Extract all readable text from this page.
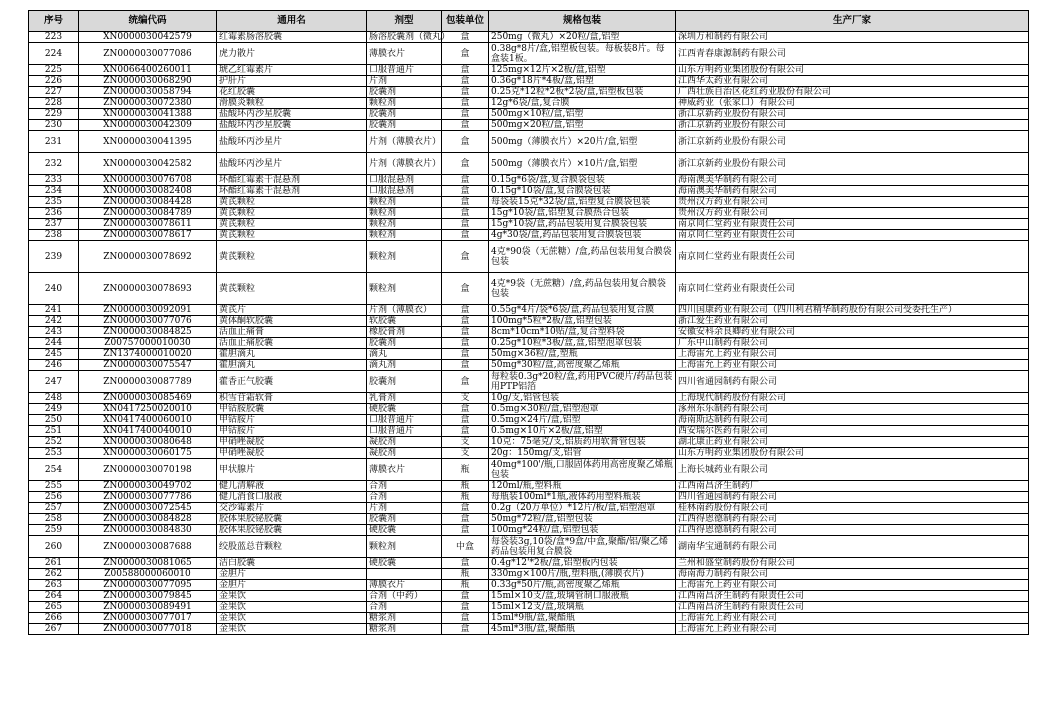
序号	统编代码	通用名	剂型	包装单位	规格包装	生产厂家
223	XN0000030042579	红霉素肠溶胶囊	肠溶胶囊剂（微丸）	盒	250mg（微丸）×20粒/盒,铝塑	深圳万和制药有限公司
224	ZN0000030077086	虎力散片	薄膜衣片	盒	0.38g*8片/盒,铝塑板包装。每板装8片。每盒装1板。	江西青春康源制药有限公司
225	XN0066400260011	琥乙红霉素片	口服普通片	盒	125mg×12片×2板/盒,铝塑	山东方明药业集团股份有限公司
226	ZN0000030068290	护肝片	片剂	盒	0.36g*18片*4板/盒,铝塑	江西华太药业有限公司
227	ZN0000030058794	花红胶囊	胶囊剂	盒	0.25克*12粒*2板*2袋/盒,铝塑板包装	广西壮族自治区花红药业股份有限公司
228	ZN0000030072380	滑膜炎颗粒	颗粒剂	盒	12g*6袋/盒,复合膜	神威药业（张家口）有限公司
229	XN0000030041388	盐酸环丙沙星胶囊	胶囊剂	盒	500mg×10粒/盒,铝塑	浙江京新药业股份有限公司
230	XN0000030042309	盐酸环丙沙星胶囊	胶囊剂	盒	500mg×20粒/盒,铝塑	浙江京新药业股份有限公司
231	XN0000030041395	盐酸环丙沙星片	片剂（薄膜衣片）	盒	500mg（薄膜衣片）×20片/盒,铝塑	浙江京新药业股份有限公司
232	XN0000030042582	盐酸环丙沙星片	片剂（薄膜衣片）	盒	500mg（薄膜衣片）×10片/盒,铝塑	浙江京新药业股份有限公司
233	XN0000030076708	环酯红霉素干混悬剂	口服混悬剂	盒	0.15g*6袋/盒,复合膜袋包装	海南澳美华制药有限公司
234	XN0000030082408	环酯红霉素干混悬剂	口服混悬剂	盒	0.15g*10袋/盒,复合膜袋包装	海南澳美华制药有限公司
235	ZN0000030084428	黄芪颗粒	颗粒剂	盒	每袋装15克*32袋/盒,铝塑复合膜袋包装	贵州汉方药业有限公司
236	ZN0000030084789	黄芪颗粒	颗粒剂	盒	15g*10袋/盒,铝塑复合膜热合包装	贵州汉方药业有限公司
237	ZN0000030078611	黄芪颗粒	颗粒剂	盒	15g*10袋/盒,药品包装用复合膜袋包装	南京同仁堂药业有限责任公司
238	ZN0000030078617	黄芪颗粒	颗粒剂	盒	4g*30袋/盒,药品包装用复合膜袋包装	南京同仁堂药业有限责任公司
239	ZN0000030078692	黄芪颗粒	颗粒剂	盒	4克*90袋（无蔗糖）/盒,药品包装用复合膜袋包装	南京同仁堂药业有限责任公司
240	ZN0000030078693	黄芪颗粒	颗粒剂	盒	4克*9袋（无蔗糖）/盒,药品包装用复合膜袋包装	南京同仁堂药业有限责任公司
241	ZN0000030092091	黄芪片	片剂（薄膜衣）	盒	0.55g*4片/袋*6袋/盒,药品包装用复合膜	四川国康药业有限公司（四川利君精华制药股份有限公司受委托生产）
242	ZN0000030077076	黄体酮软胶囊	软胶囊	盒	100mg*5粒*2板/盒,铝塑包装	浙江爱生药业有限公司
243	ZN0000030084825	活血止痛膏	橡胶膏剂	盒	8cm*10cm*10贴/盒,复合塑料袋	安徽安科余良卿药业有限公司
244	Z00757000010030	活血止痛胶囊	胶囊剂	盒	0.25g*10粒*3板/盒,盒,铝塑泡罩包装	广东中山制药有限公司
245	ZN1374000010020	藿胆滴丸	滴丸	盒	50mg×36粒/盒,塑瓶	上海雷允上药业有限公司
246	ZN0000030075547	藿胆滴丸	滴丸剂	盒	50mg*30粒/盒,高密度聚乙烯瓶	上海雷允上药业有限公司
247	ZN0000030087789	藿香正气胶囊	胶囊剂	盒	每粒装0.3g*20粒/盒,药用PVC硬片/药品包装用PTP铝箔	四川省通园制药有限公司
248	ZN0000030085469	积雪苷霜软膏	乳膏剂	支	10g/支,铝管包装	上海现代制药股份有限公司
249	XN0417250020010	甲钴胺胶囊	硬胶囊	盒	0.5mg×30粒/盒,铝塑泡罩	涿州东乐制药有限公司
250	XN0417400060010	甲钴胺片	口服普通片	盒	0.5mg×24片/盒,铝塑	海南斯达制药有限公司
251	XN0417400040010	甲钴胺片	口服普通片	盒	0.5mg×10片×2板/盒,铝塑	西安瑞尔医药有限公司
252	XN0000030080648	甲硝唑凝胶	凝胶剂	支	10克：75毫克/支,铝质药用软膏管包装	湖北康正药业有限公司
253	XN0000030060175	甲硝唑凝胶	凝胶剂	支	20g：150mg/支,铝管	山东方明药业集团股份有限公司
254	ZN0000030070198	甲状腺片	薄膜衣片	瓶	40mg*100'/瓶,口服固体药用高密度聚乙烯瓶包装	上海长城药业有限公司
255	ZN0000030049702	健儿清解液	合剂	瓶	120ml/瓶,塑料瓶	江西南昌济生制药厂
256	ZN0000030077786	健儿消食口服液	合剂	瓶	每瓶装100ml*1瓶,液体药用塑料瓶装	四川省通园制药有限公司
257	ZN0000030072545	交沙霉素片	片剂	盒	0.2g（20万单位）*12片/板/盒,铝塑泡罩	桂林南药股份有限公司
258	ZN0000030084828	胶体果胶铋胶囊	胶囊剂	盒	50mg*72粒/盒,铝塑包装	江西得恩德制药有限公司
259	ZN0000030084830	胶体果胶铋胶囊	硬胶囊	盒	100mg*24粒/盒,铝塑包装	江西得恩德制药有限公司
260	ZN0000030087688	绞股蓝总苷颗粒	颗粒剂	中盒	每袋装3g,10袋/盒*9盒/中盒,聚酯/铝/聚乙烯药品包装用复合膜袋	湖南华宝通制药有限公司
261	ZN0000030081065	洁白胶囊	硬胶囊	盒	0.4g*12'*2板/盒,铝塑板内包装	兰州和盛堂制药股份有限公司
262	Z00588000060010	金胆片		瓶	330mg×100片/瓶,塑料瓶,(薄膜衣片)	海南海力制药有限公司
263	ZN0000030077095	金胆片	薄膜衣片	瓶	0.33g*50片/瓶,高密度聚乙烯瓶	上海雷允上药业有限公司
264	ZN0000030079845	金果饮	合剂（中药）	盒	15ml×10支/盒,玻璃管制口服液瓶	江西南昌济生制药有限责任公司
265	ZN0000030089491	金果饮	合剂	盒	15ml×12支/盒,玻璃瓶	江西南昌济生制药有限责任公司
266	ZN0000030077017	金果饮	糖浆剂	盒	15ml*9瓶/盒,聚酯瓶	上海雷允上药业有限公司
267	ZN0000030077018	金果饮	糖浆剂	盒	45ml*3瓶/盒,聚酯瓶	上海雷允上药业有限公司
